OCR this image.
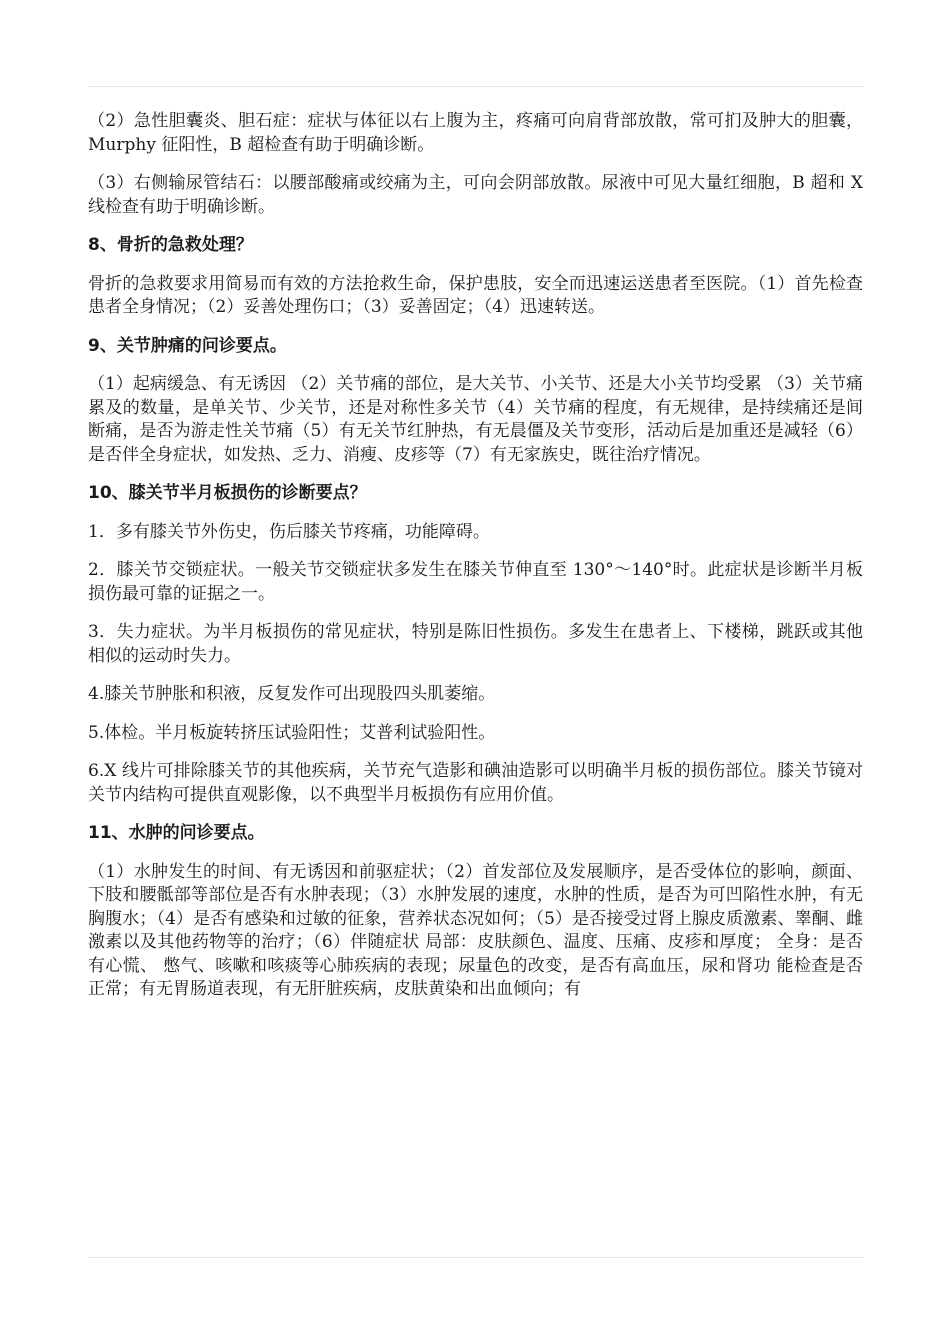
（2）急性胆囊炎、胆石症：症状与体征以右上腹为主，疼痛可向肩背部放散，常可扪及肿大的胆囊，Murphy 征阳性，B 超检查有助于明确诊断。

（3）右侧输尿管结石：以腰部酸痛或绞痛为主，可向会阴部放散。尿液中可见大量红细胞，B 超和 X 线检查有助于明确诊断。

8、骨折的急救处理？

骨折的急救要求用简易而有效的方法抢救生命，保护患肢，安全而迅速运送患者至医院。（1）首先检查患者全身情况；（2）妥善处理伤口；（3）妥善固定；（4）迅速转送。

9、关节肿痛的问诊要点。

（1）起病缓急、有无诱因 （2）关节痛的部位，是大关节、小关节、还是大小关节均受累 （3）关节痛累及的数量，是单关节、少关节，还是对称性多关节（4）关节痛的程度，有无规律，是持续痛还是间断痛，是否为游走性关节痛（5）有无关节红肿热，有无晨僵及关节变形，活动后是加重还是减轻（6）是否伴全身症状，如发热、乏力、消瘦、皮疹等（7）有无家族史，既往治疗情况。

10、膝关节半月板损伤的诊断要点？

1．多有膝关节外伤史，伤后膝关节疼痛，功能障碍。

2．膝关节交锁症状。一般关节交锁症状多发生在膝关节伸直至 130°～140°时。此症状是诊断半月板损伤最可靠的证据之一。

3．失力症状。为半月板损伤的常见症状，特别是陈旧性损伤。多发生在患者上、下楼梯，跳跃或其他相似的运动时失力。

4.膝关节肿胀和积液，反复发作可出现股四头肌萎缩。

5.体检。半月板旋转挤压试验阳性；艾普利试验阳性。

6.X 线片可排除膝关节的其他疾病，关节充气造影和碘油造影可以明确半月板的损伤部位。膝关节镜对关节内结构可提供直观影像，以不典型半月板损伤有应用价值。

11、水肿的问诊要点。

（1）水肿发生的时间、有无诱因和前驱症状；（2）首发部位及发展顺序，是否受体位的影响，颜面、下肢和腰骶部等部位是否有水肿表现；（3）水肿发展的速度，水肿的性质，是否为可凹陷性水肿，有无胸腹水；（4）是否有感染和过敏的征象，营养状态况如何；（5）是否接受过肾上腺皮质激素、睾酮、雌激素以及其他药物等的治疗；（6）伴随症状 局部：皮肤颜色、温度、压痛、皮疹和厚度； 全身：是否有心慌、 憋气、咳嗽和咳痰等心肺疾病的表现；尿量色的改变，是否有高血压，尿和肾功 能检查是否正常；有无胃肠道表现，有无肝脏疾病，皮肤黄染和出血倾向；有
